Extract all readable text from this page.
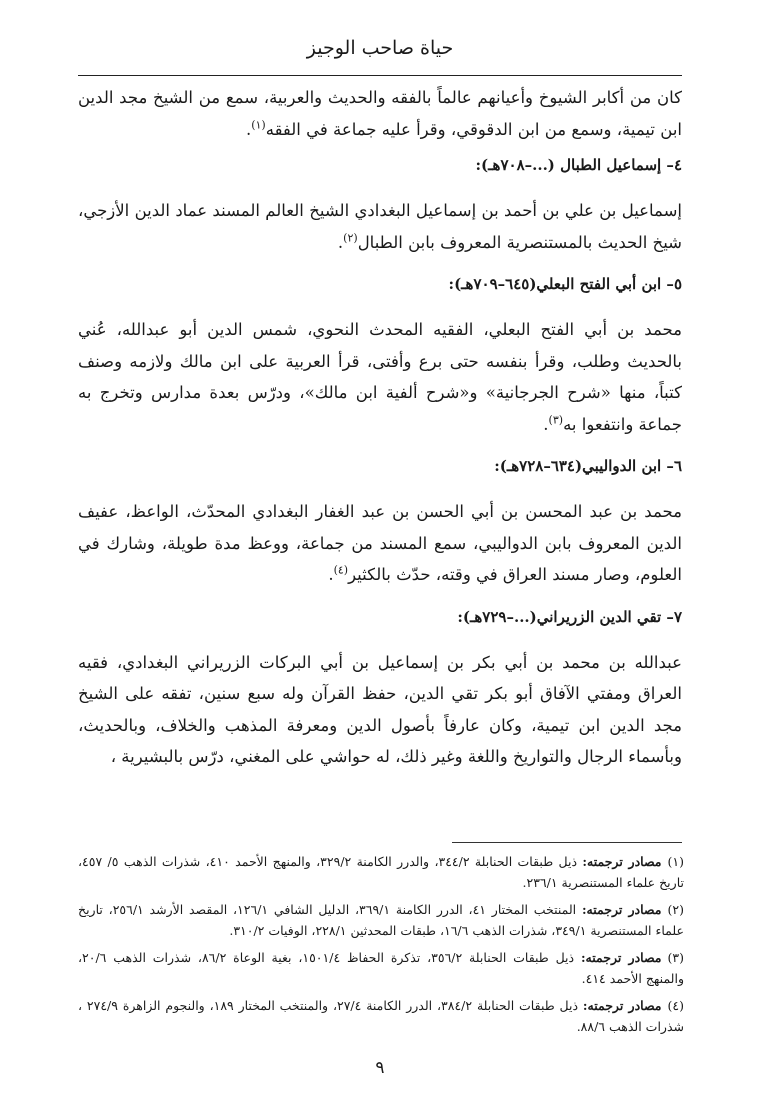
حياة صاحب الوجيز

كان من أكابر الشيوخ وأعيانهم عالماً بالفقه والحديث والعربية، سمع من الشيخ مجد الدين ابن تيمية، وسمع من ابن الدقوقي، وقرأ عليه جماعة في الفقه$^{(١)}$.

٤– إسماعيل الطبال (...–٧٠٨هـ):

إسماعيل بن علي بن أحمد بن إسماعيل البغدادي الشيخ العالم المسند عماد الدين الأزجي، شيخ الحديث بالمستنصرية المعروف بابن الطبال$^{(٢)}$.

٥– ابن أبي الفتح البعلي(٦٤٥–٧٠٩هـ):

محمد بن أبي الفتح البعلي، الفقيه المحدث النحوي، شمس الدين أبو عبدالله، عُني بالحديث وطلب، وقرأ بنفسه حتى برع وأفتى، قرأ العربية على ابن مالك ولازمه وصنف كتباً، منها «شرح الجرجانية» و«شرح ألفية ابن مالك»، ودرّس بعدة مدارس وتخرج به جماعة وانتفعوا به$^{(٣)}$.

٦– ابن الدواليبي(٦٣٤–٧٢٨هـ):

محمد بن عبد المحسن بن أبي الحسن بن عبد الغفار البغدادي المحدّث، الواعظ، عفيف الدين المعروف بابن الدواليبي، سمع المسند من جماعة، ووعظ مدة طويلة، وشارك في العلوم، وصار مسند العراق في وقته، حدّث بالكثير$^{(٤)}$.

٧– تقي الدين الزريراني(...–٧٢٩هـ):

عبدالله بن محمد بن أبي بكر بن إسماعيل بن أبي البركات الزريراني البغدادي، فقيه العراق ومفتي الآفاق أبو بكر تقي الدين، حفظ القرآن وله سبع سنين، تفقه على الشيخ مجد الدين ابن تيمية، وكان عارفاً بأصول الدين ومعرفة المذهب والخلاف، وبالحديث، وبأسماء الرجال والتواريخ واللغة وغير ذلك، له حواشي على المغني، درّس بالبشيرية ،

(١)مصادر ترجمته: ذيل طبقات الحنابلة ٣٤٤/٢، والدرر الكامنة ٣٢٩/٢، والمنهج الأحمد ٤١٠، شذرات الذهب ٥/ ٤٥٧، تاريخ علماء المستنصرية ٢٣٦/١.

(٢)مصادر ترجمته: المنتخب المختار ٤١، الدرر الكامنة ٣٦٩/١، الدليل الشافي ١٢٦/١، المقصد الأرشد ٢٥٦/١، تاريخ علماء المستنصرية ٣٤٩/١، شذرات الذهب ١٦/٦، طبقات المحدثين ٢٢٨/١، الوفيات ٣١٠/٢.

(٣)مصادر ترجمته: ذيل طبقات الحنابلة ٣٥٦/٢، تذكرة الحفاظ ١٥٠١/٤، بغية الوعاة ٨٦/٢، شذرات الذهب ٢٠/٦، والمنهج الأحمد ٤١٤.

(٤)مصادر ترجمته: ذيل طبقات الحنابلة ٣٨٤/٢، الدرر الكامنة ٢٧/٤، والمنتخب المختار ١٨٩، والنجوم الزاهرة ٢٧٤/٩ ، شذرات الذهب ٨٨/٦.

٩
